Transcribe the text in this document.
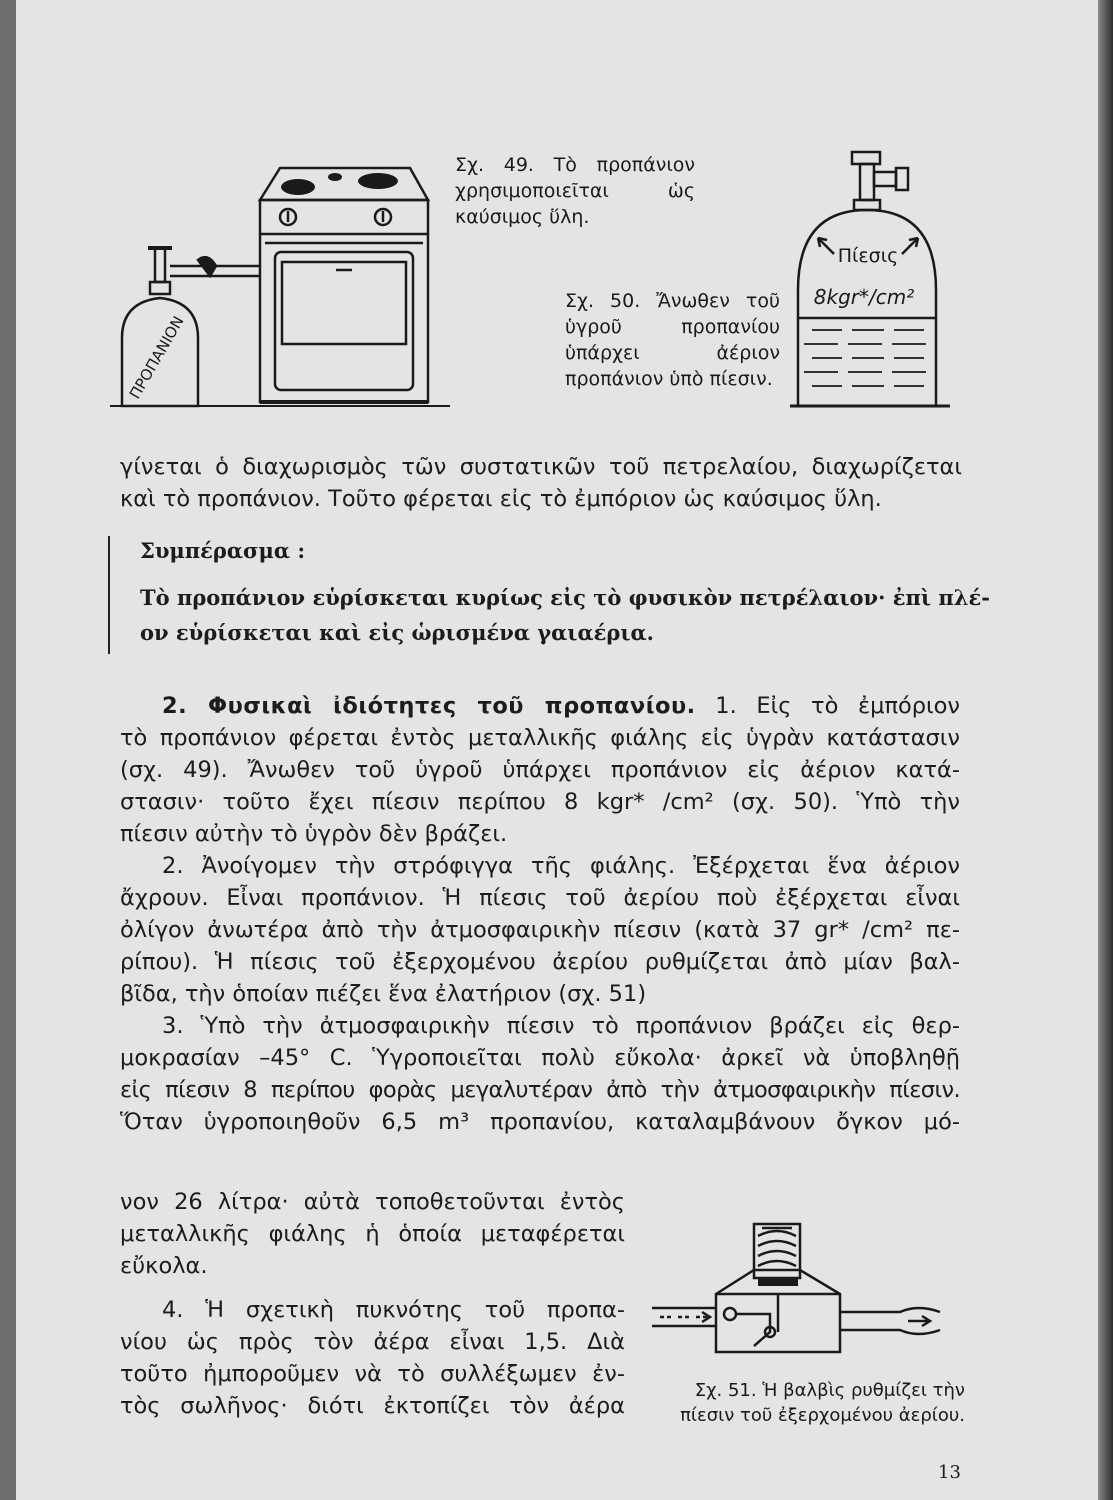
ΠΡΟΠΑΝΙΟΝ
Σχ. 49. Τὸ προπάνιον χρησιμοποιεῖται ὡς καύσιμος ὕλη.
Σχ. 50. Ἄνωθεν τοῦ ὑγροῦ προπανίου ὑπάρχει ἀέριον προπάνιον ὑπὸ πίεσιν.
Πίεσις
8kgr*/cm²
γίνεται ὁ διαχωρισμὸς τῶν συστατικῶν τοῦ πετρελαίου, διαχωρίζεται
καὶ τὸ προπάνιον. Τοῦτο φέρεται εἰς τὸ ἐμπόριον ὡς καύσιμος ὕλη.
Συμπέρασμα :
Τὸ προπάνιον εὑρίσκεται κυρίως εἰς τὸ φυσικὸν πετρέλαιον· ἐπὶ πλέ-
ον εὑρίσκεται καὶ εἰς ὡρισμένα γαιαέρια.
2. Φυσικαὶ ἰδιότητες τοῦ προπανίου. 1. Εἰς τὸ ἐμπόριον
τὸ προπάνιον φέρεται ἐντὸς μεταλλικῆς φιάλης εἰς ὑγρὰν κατάστασιν
(σχ. 49). Ἄνωθεν τοῦ ὑγροῦ ὑπάρχει προπάνιον εἰς ἀέριον κατά-
στασιν· τοῦτο ἔχει πίεσιν περίπου 8 kgr* /cm² (σχ. 50). Ὑπὸ τὴν
πίεσιν αὐτὴν τὸ ὑγρὸν δὲν βράζει.
2. Ἀνοίγομεν τὴν στρόφιγγα τῆς φιάλης. Ἐξέρχεται ἕνα ἀέριον
ἄχρουν. Εἶναι προπάνιον. Ἡ πίεσις τοῦ ἀερίου ποὺ ἐξέρχεται εἶναι
ὀλίγον ἀνωτέρα ἀπὸ τὴν ἀτμοσφαιρικὴν πίεσιν (κατὰ 37 gr* /cm² πε-
ρίπου). Ἡ πίεσις τοῦ ἐξερχομένου ἀερίου ρυθμίζεται ἀπὸ μίαν βαλ-
βῖδα, τὴν ὁποίαν πιέζει ἕνα ἐλατήριον (σχ. 51)
3. Ὑπὸ τὴν ἀτμοσφαιρικὴν πίεσιν τὸ προπάνιον βράζει εἰς θερ-
μοκρασίαν –45° C. Ὑγροποιεῖται πολὺ εὔκολα· ἀρκεῖ νὰ ὑποβληθῇ
εἰς πίεσιν 8 περίπου φορὰς μεγαλυτέραν ἀπὸ τὴν ἀτμοσφαιρικὴν πίεσιν.
Ὅταν ὑγροποιηθοῦν 6,5 m³ προπανίου, καταλαμβάνουν ὄγκον μό-
νον 26 λίτρα· αὐτὰ τοποθετοῦνται ἐντὸς
μεταλλικῆς φιάλης ἡ ὁποία μεταφέρεται
εὔκολα.
4. Ἡ σχετικὴ πυκνότης τοῦ προπα-
νίου ὡς πρὸς τὸν ἀέρα εἶναι 1,5. Διὰ
τοῦτο ἠμποροῦμεν νὰ τὸ συλλέξωμεν ἐν-
τὸς σωλῆνος· διότι ἐκτοπίζει τὸν ἀέρα
Σχ. 51. Ἡ βαλβὶς ρυθμίζει τὴν
πίεσιν τοῦ ἐξερχομένου ἀερίου.
13
